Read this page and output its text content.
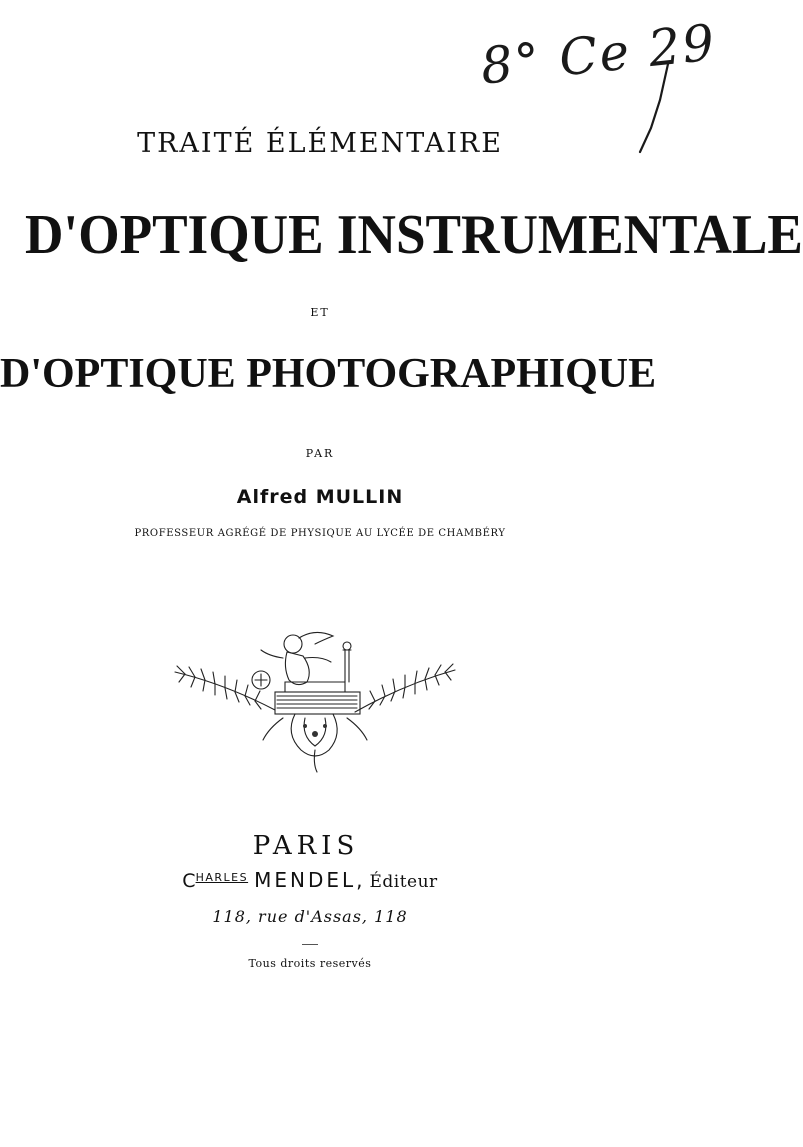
8° Ce 29
TRAITÉ ÉLÉMENTAIRE
D'OPTIQUE INSTRUMENTALE
ET
D'OPTIQUE PHOTOGRAPHIQUE
PAR
Alfred MULLIN
PROFESSEUR AGRÉGÉ DE PHYSIQUE AU LYCÉE DE CHAMBÉRY
PARIS
$C^{HARLES}$ MENDEL, Éditeur
118, rue d'Assas, 118
Tous droits reservés
